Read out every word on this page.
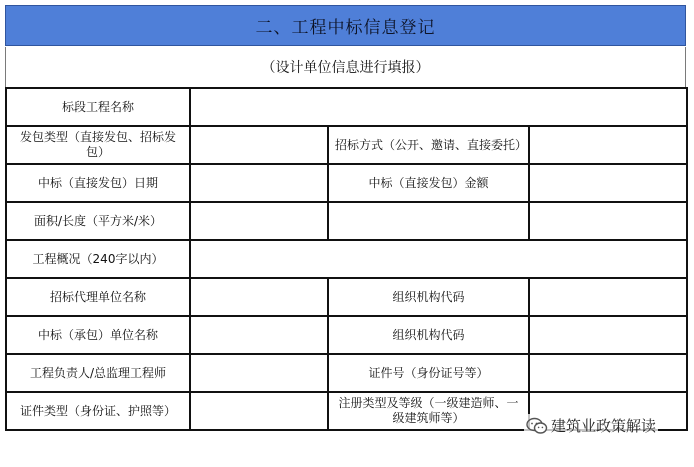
二、工程中标信息登记
（设计单位信息进行填报）
标段工程名称			
发包类型（直接发包、招标发包）		招标方式（公开、邀请、直接委托）	
中标（直接发包）日期		中标（直接发包）金额	
面积/长度（平方米/米）			
工程概况（240字以内）			
招标代理单位名称		组织机构代码	
中标（承包）单位名称		组织机构代码	
工程负责人/总监理工程师		证件号（身份证号等）	
证件类型（身份证、护照等）		注册类型及等级（一级建造师、一级建筑师等）		建筑业政策解读
